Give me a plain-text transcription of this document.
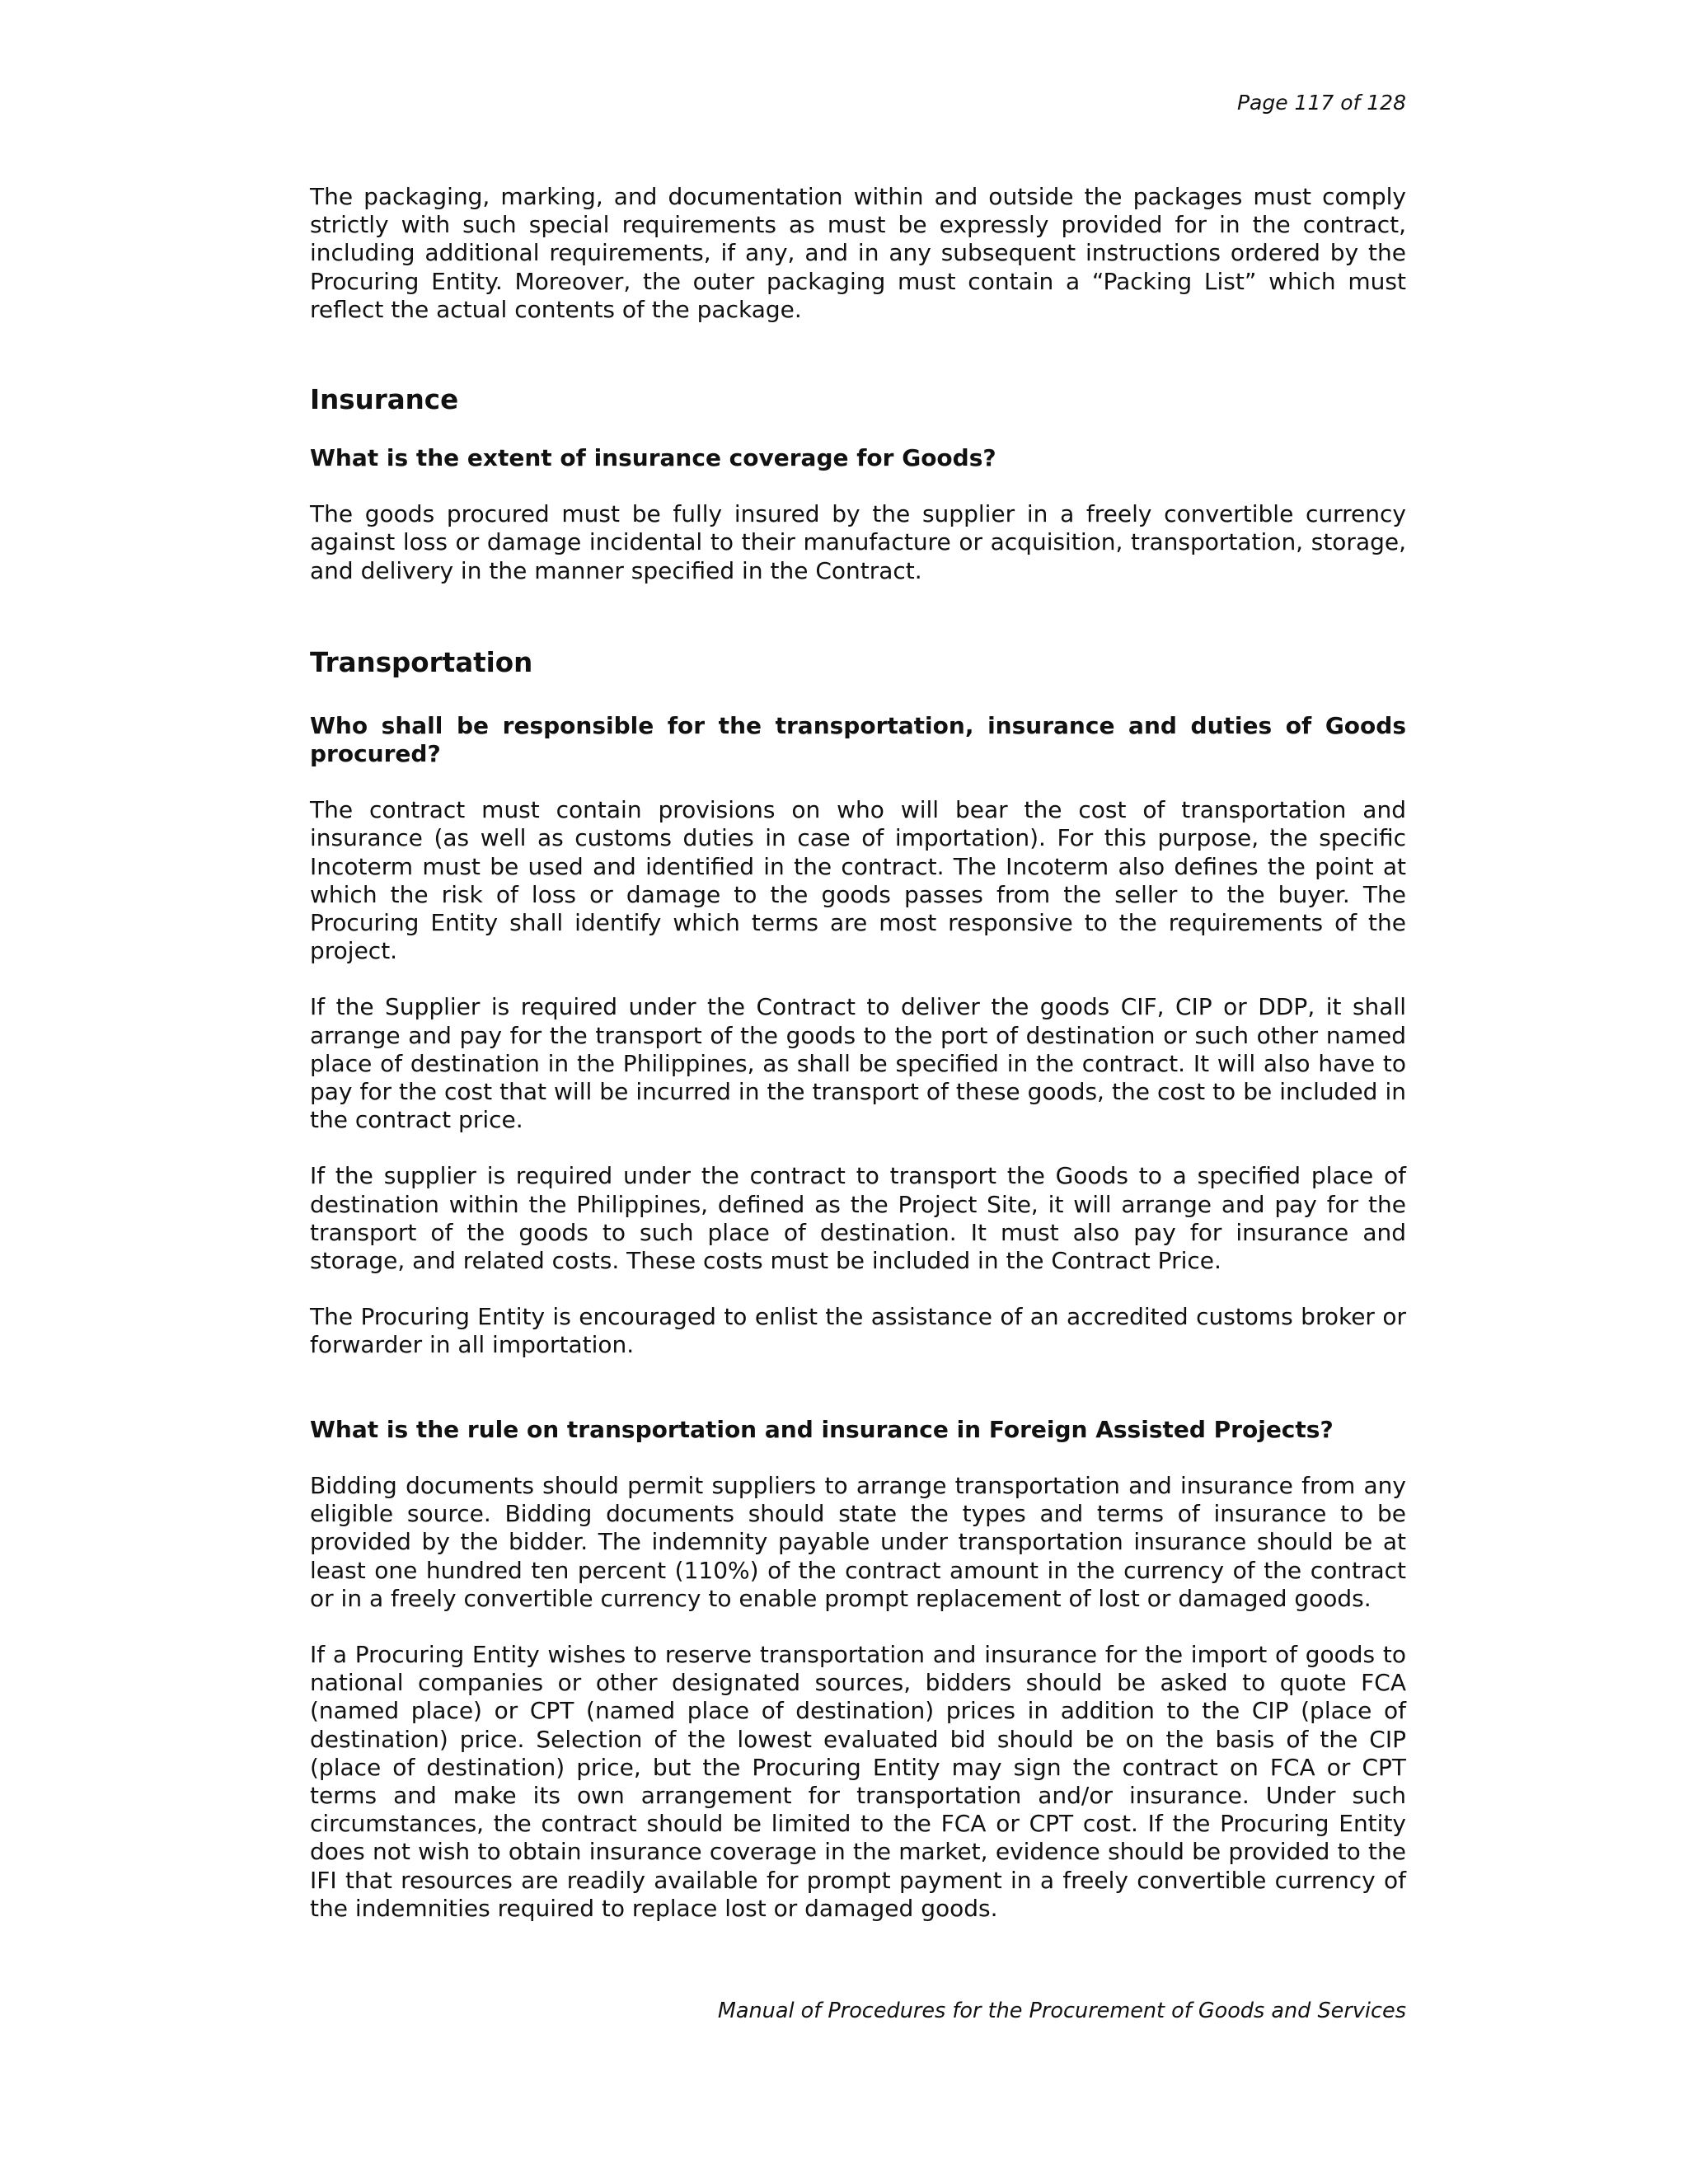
Page 117 of 128

The packaging, marking, and documentation within and outside the packages must comply strictly with such special requirements as must be expressly provided for in the contract, including additional requirements, if any, and in any subsequent instructions ordered by the Procuring Entity. Moreover, the outer packaging must contain a “Packing List” which must reflect the actual contents of the package.

Insurance

What is the extent of insurance coverage for Goods?

The goods procured must be fully insured by the supplier in a freely convertible currency against loss or damage incidental to their manufacture or acquisition, transportation, storage, and delivery in the manner specified in the Contract.

Transportation

Who shall be responsible for the transportation, insurance and duties of Goods procured?

The contract must contain provisions on who will bear the cost of transportation and insurance (as well as customs duties in case of importation). For this purpose, the specific Incoterm must be used and identified in the contract. The Incoterm also defines the point at which the risk of loss or damage to the goods passes from the seller to the buyer. The Procuring Entity shall identify which terms are most responsive to the requirements of the project.

If the Supplier is required under the Contract to deliver the goods CIF, CIP or DDP, it shall arrange and pay for the transport of the goods to the port of destination or such other named place of destination in the Philippines, as shall be specified in the contract. It will also have to pay for the cost that will be incurred in the transport of these goods, the cost to be included in the contract price.

If the supplier is required under the contract to transport the Goods to a specified place of destination within the Philippines, defined as the Project Site, it will arrange and pay for the transport of the goods to such place of destination. It must also pay for insurance and storage, and related costs. These costs must be included in the Contract Price.

The Procuring Entity is encouraged to enlist the assistance of an accredited customs broker or forwarder in all importation.

What is the rule on transportation and insurance in Foreign Assisted Projects?

Bidding documents should permit suppliers to arrange transportation and insurance from any eligible source. Bidding documents should state the types and terms of insurance to be provided by the bidder. The indemnity payable under transportation insurance should be at least one hundred ten percent (110%) of the contract amount in the currency of the contract or in a freely convertible currency to enable prompt replacement of lost or damaged goods.

If a Procuring Entity wishes to reserve transportation and insurance for the import of goods to national companies or other designated sources, bidders should be asked to quote FCA (named place) or CPT (named place of destination) prices in addition to the CIP (place of destination) price. Selection of the lowest evaluated bid should be on the basis of the CIP (place of destination) price, but the Procuring Entity may sign the contract on FCA or CPT terms and make its own arrangement for transportation and/or insurance. Under such circumstances, the contract should be limited to the FCA or CPT cost. If the Procuring Entity does not wish to obtain insurance coverage in the market, evidence should be provided to the IFI that resources are readily available for prompt payment in a freely convertible currency of the indemnities required to replace lost or damaged goods.

Manual of Procedures for the Procurement of Goods and Services
